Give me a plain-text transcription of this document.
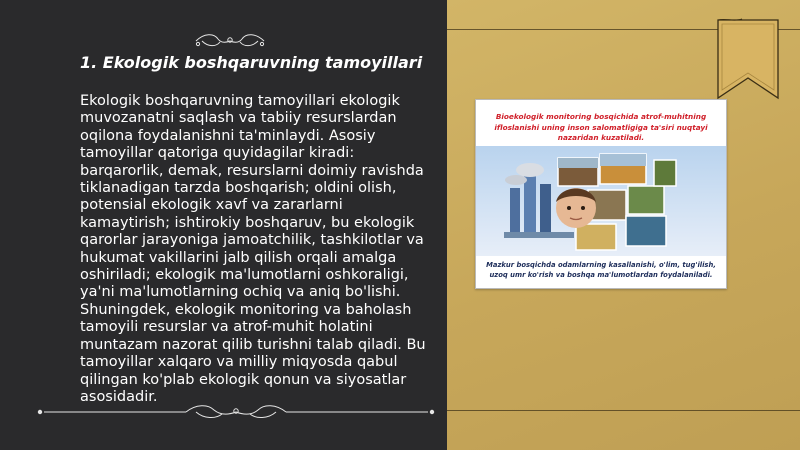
1. Ekologik boshqaruvning tamoyillari

Ekologik boshqaruvning tamoyillari ekologik muvozanatni saqlash va tabiiy resurslardan oqilona foydalanishni ta'minlaydi. Asosiy tamoyillar qatoriga quyidagilar kiradi: barqarorlik, demak, resurslarni doimiy ravishda tiklanadigan tarzda boshqarish; oldini olish, potensial ekologik xavf va zararlarni kamaytirish; ishtirokiy boshqaruv, bu ekologik qarorlar jarayoniga jamoatchilik, tashkilotlar va hukumat vakillarini jalb qilish orqali amalga oshiriladi; ekologik ma'lumotlarni oshkoraligi, ya'ni ma'lumotlarning ochiq va aniq bo'lishi. Shuningdek, ekologik monitoring va baholash tamoyili resurslar va atrof-muhit holatini muntazam nazorat qilib turishni talab qiladi. Bu tamoyillar xalqaro va milliy miqyosda qabul qilingan ko'plab ekologik qonun va siyosatlar asosidadir.

Bioekologik monitoring bosqichida atrof-muhitning ifloslanishi uning inson salomatligiga ta'siri nuqtayi nazaridan kuzatiladi.

Mazkur bosqichda odamlarning kasallanishi, o'lim, tug'ilish, uzoq umr ko'rish va boshqa ma'lumotlardan foydalaniladi.
